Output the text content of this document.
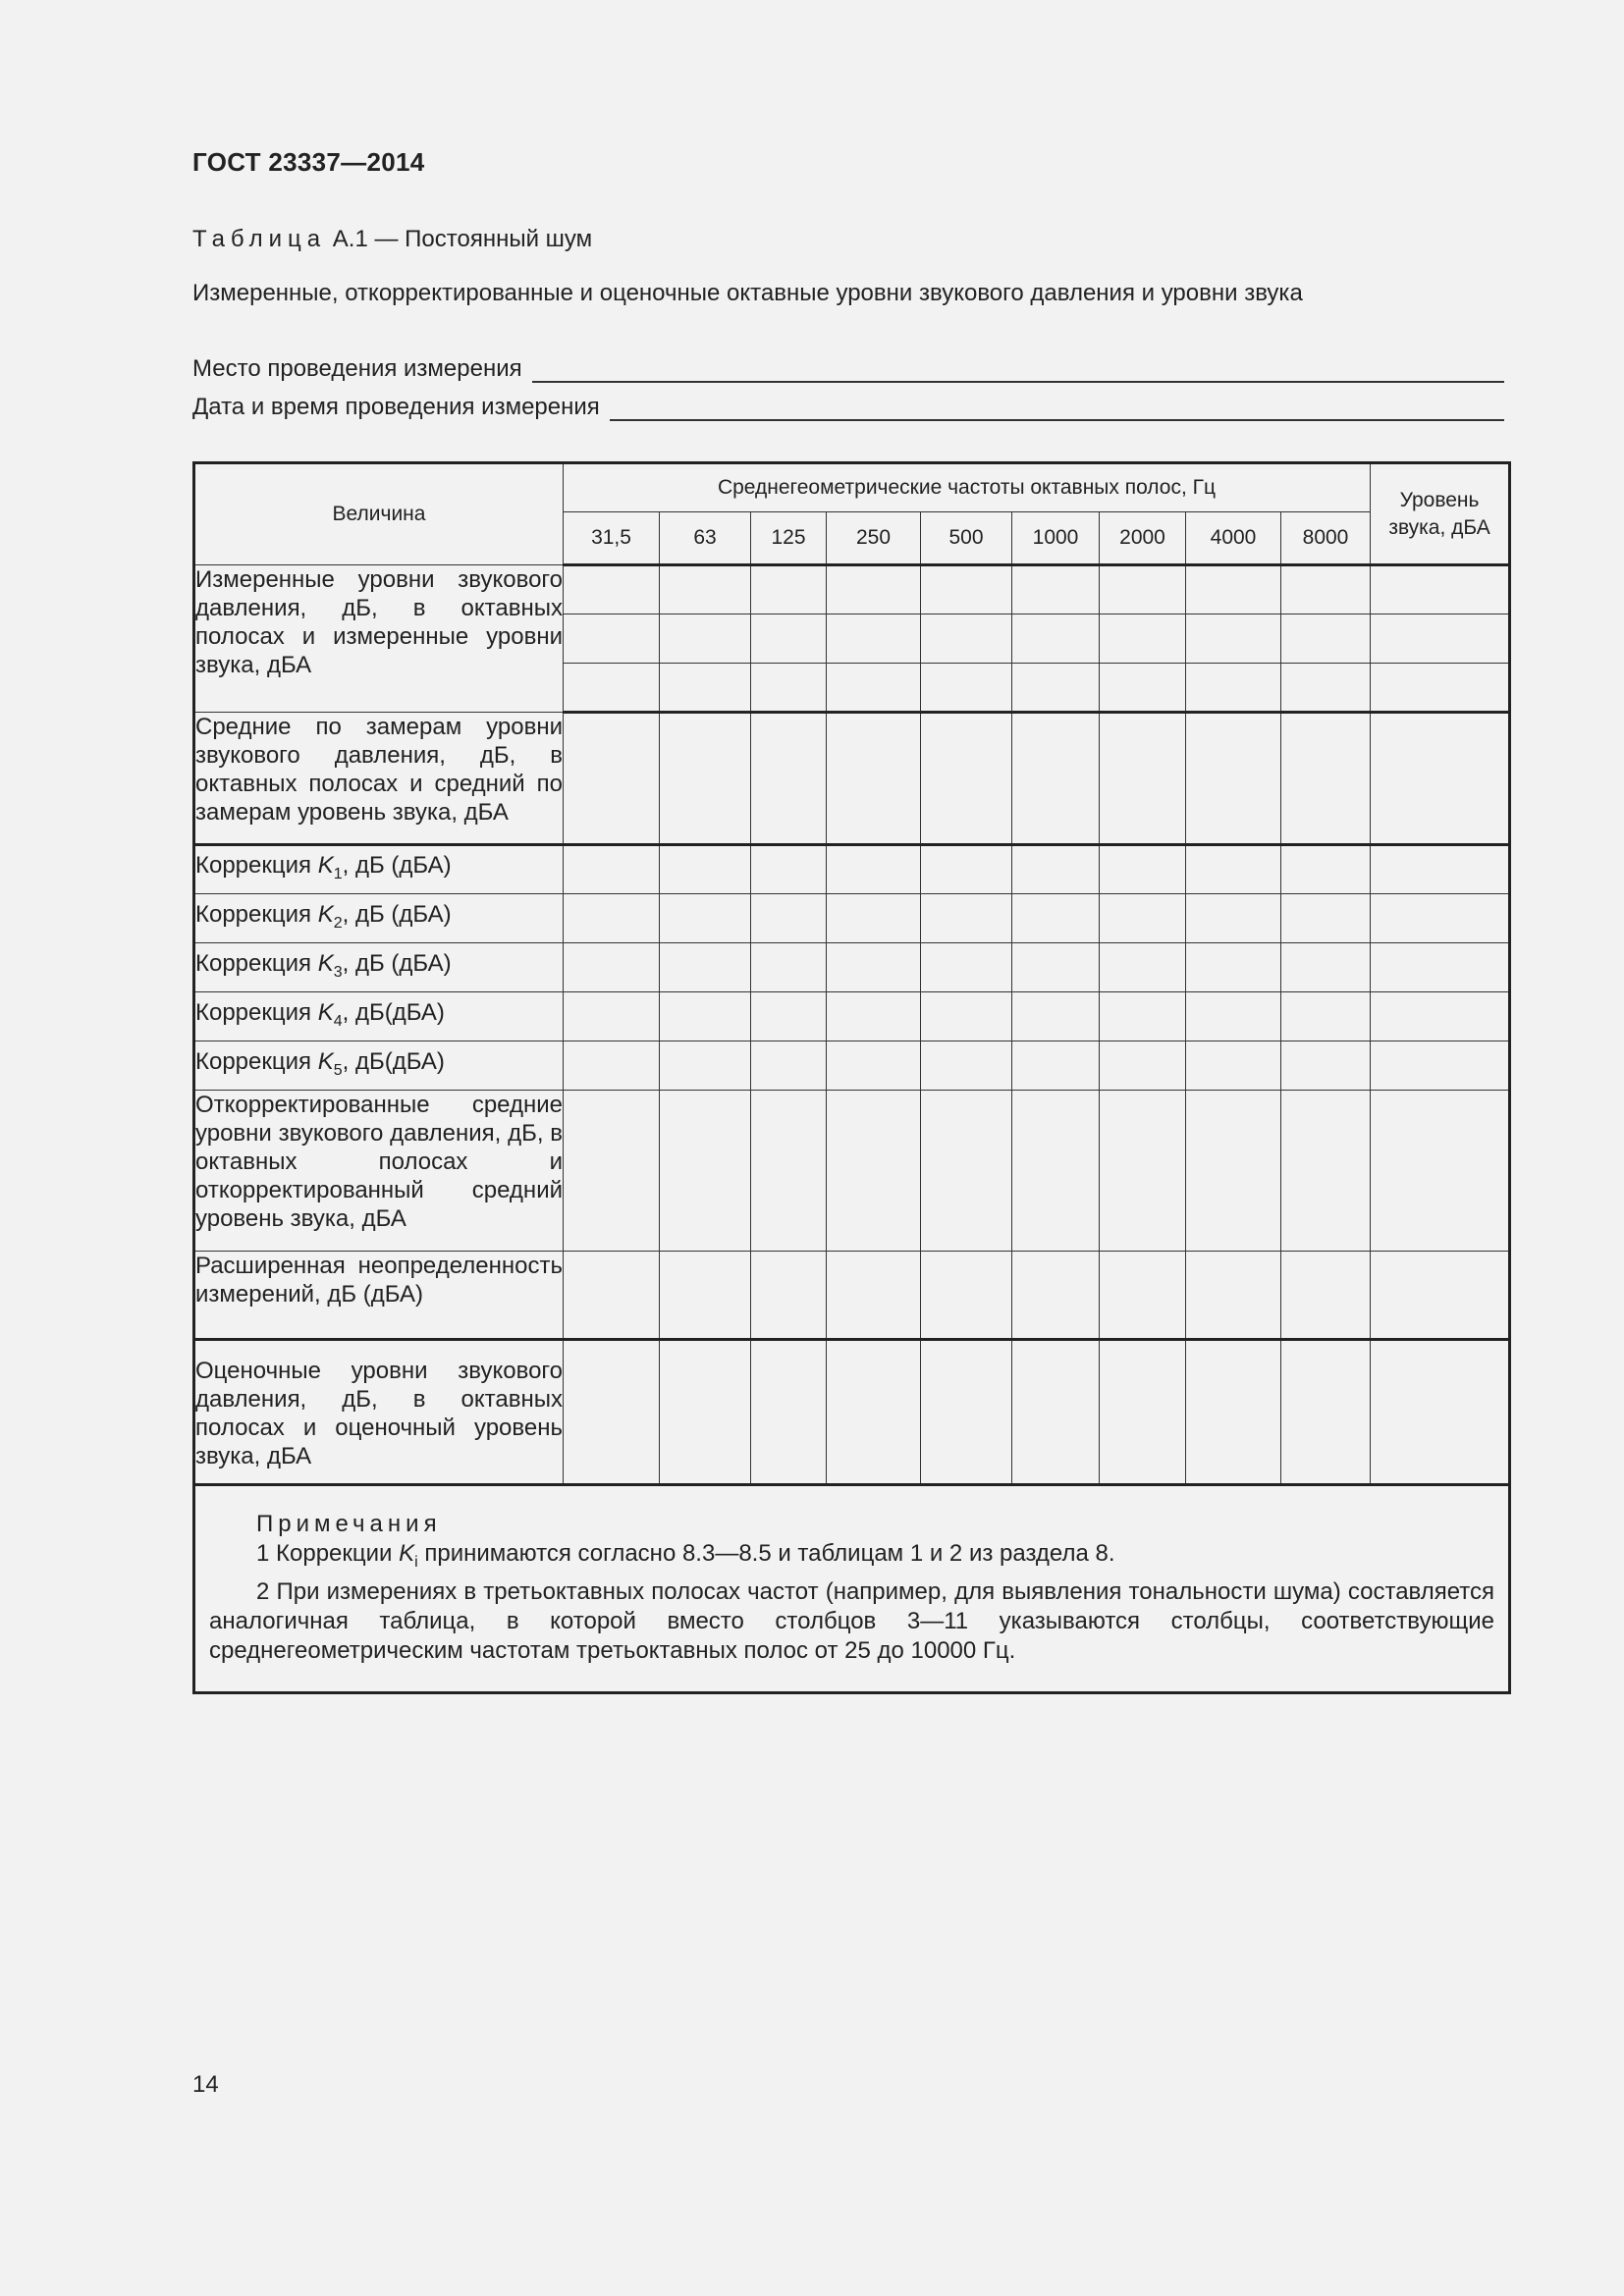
ГОСТ 23337—2014
Таблица А.1 — Постоянный шум
Измеренные, откорректированные и оценочные октавные уровни звукового давления и уровни звука
Место проведения измерения
Дата и время проведения измерения
Величина	Среднегеометрические частоты октавных полос, Гц									Уровень звука, дБА
	31,5	63	125	250	500	1000	2000	4000	8000	
Измеренные уровни звукового давления, дБ, в октавных полосах и измеренные уровни звука, дБА										

Средние по замерам уровни звукового давления, дБ, в октавных полосах и средний по замерам уровень звука, дБА										
Коррекция $K_1$, дБ (дБА)										
Коррекция $K_2$, дБ (дБА)										
Коррекция $K_3$, дБ (дБА)										
Коррекция $K_4$, дБ(дБА)										
Коррекция $K_5$, дБ(дБА)										
Откорректированные средние уровни звукового давления, дБ, в октавных полосах и откорректированный средний уровень звука, дБА										
Расширенная неопределенность измерений, дБ (дБА)										
Оценочные уровни звукового давления, дБ, в октавных полосах и оценочный уровень звука, дБА										

Примечания
1 Коррекции $K_i$ принимаются согласно 8.3—8.5 и таблицам 1 и 2 из раздела 8.
2 При измерениях в третьоктавных полосах частот (например, для выявления тональности шума) составляется аналогичная таблица, в которой вместо столбцов 3—11 указываются столбцы, соответствующие среднегеометрическим частотам третьоктавных полос от 25 до 10000 Гц.										
14
